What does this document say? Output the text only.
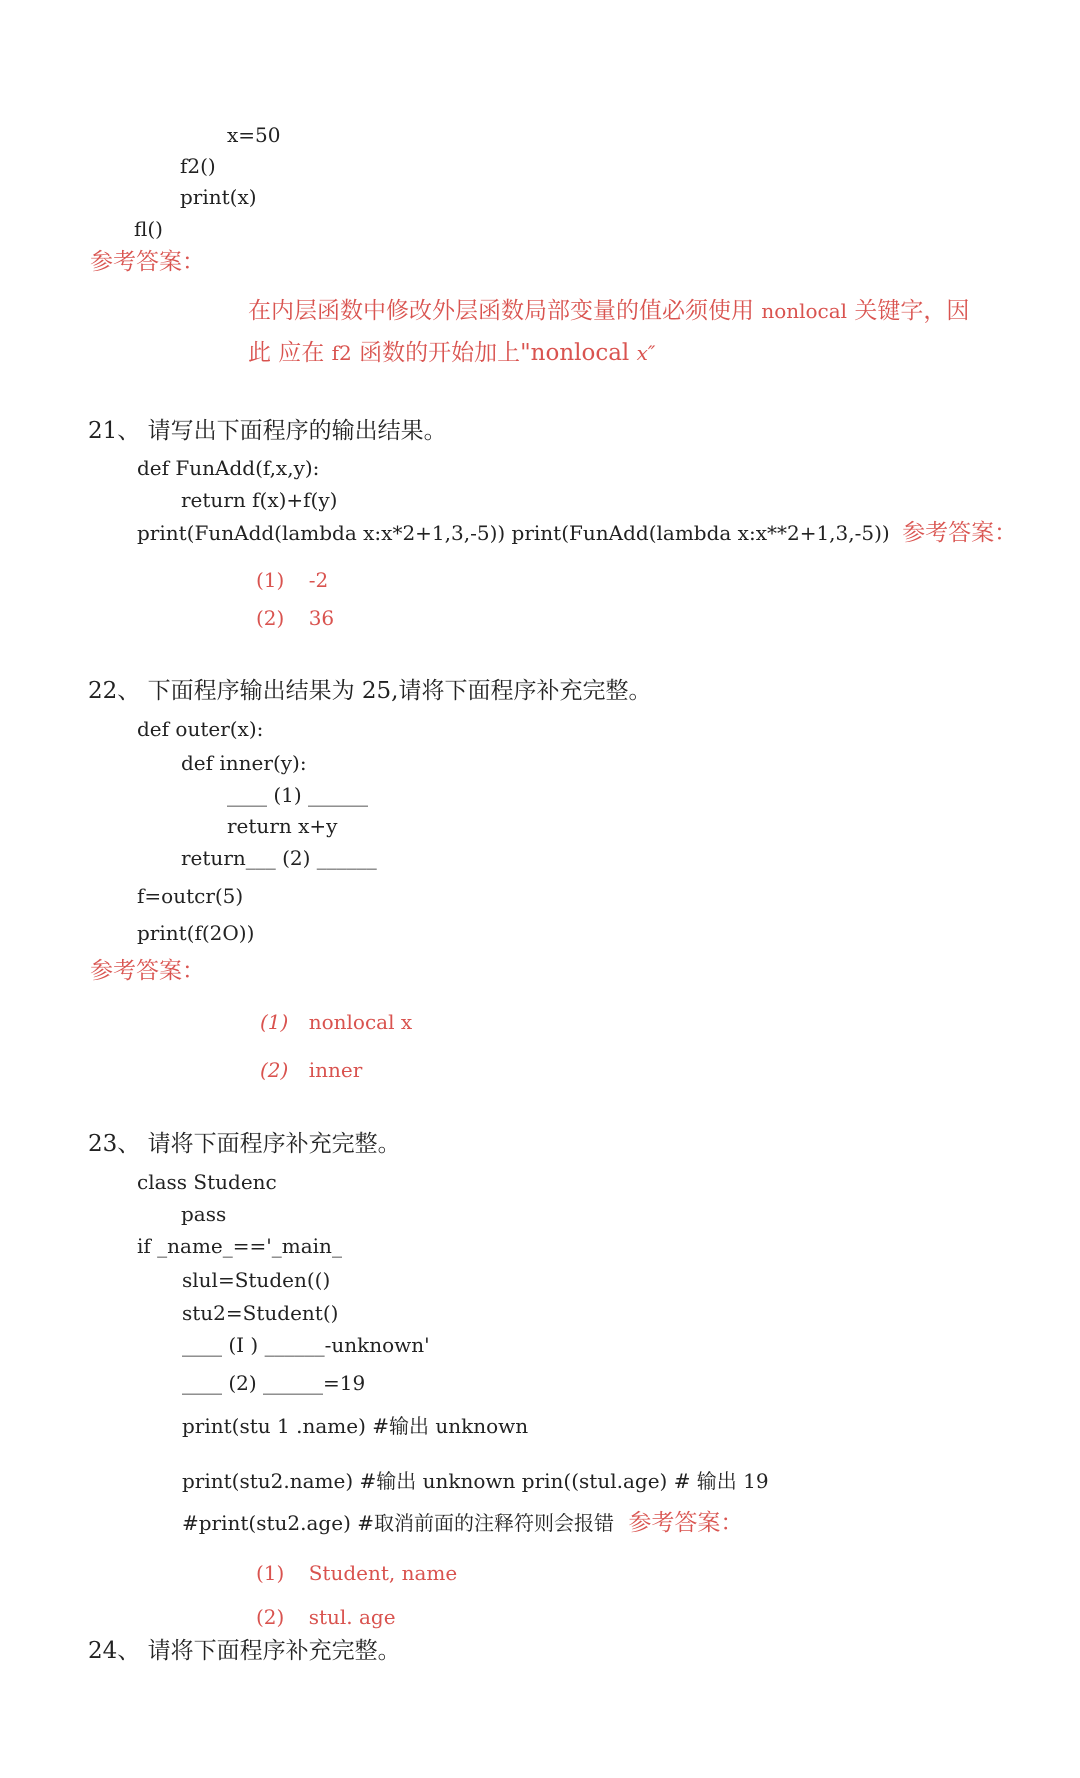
x=50
f2()
print(x)
fl()
参考答案：
在内层函数中修改外层函数局部变量的值必须使用 nonlocal 关键字，因
此 应在 f2 函数的开始加上"nonlocal x″
21、 请写出下面程序的输出结果。
def FunAdd(f,x,y):
return f(x)+f(y)
print(FunAdd(lambda x:x*2+1,3,-5)) print(FunAdd(lambda x:x**2+1,3,-5)) 参考答案：
(1) -2
(2) 36
22、 下面程序输出结果为 25,请将下面程序补充完整。
def outer(x):
def inner(y):
____ (1) ______
return x+y
return___ (2) ______
f=outcr(5)
print(f(2O))
参考答案：
(1) nonlocal x
(2) inner
23、 请将下面程序补充完整。
class Studenc
pass
if _name_=='_main_
slul=Studen(()
stu2=Student()
____ (I ) ______-unknown'
____ (2) ______=19
print(stu 1 .name) #输出 unknown
print(stu2.name) #输出 unknown prin((stul.age) # 输出 19
#print(stu2.age) #取消前面的注释符则会报错 参考答案：
(1) Student, name
(2) stul. age
24、 请将下面程序补充完整。
